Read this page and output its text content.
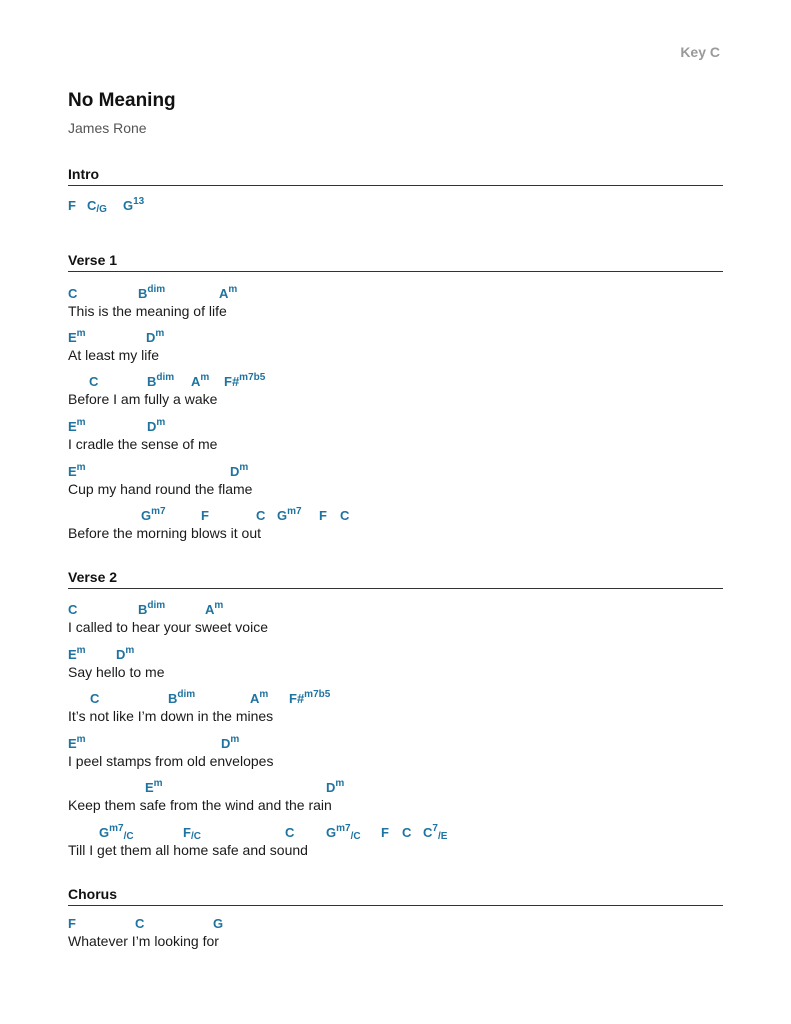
Key C
No Meaning
James Rone
Intro
F $C_{/G}$ $G^{13}$
Verse 1
C	$B^{dim}$	$A^m$
This is the meaning of life
$E^m$	$D^m$
At least my life
C	$B^{dim}$ $A^m$ F#$^{m7b5}$
Before I am fully a wake
$E^m$	$D^m$
I cradle the sense of me
$E^m$	$D^m$
Cup my hand round the flame
$G^{m7}$	F	C $G^{m7}$ F C
Before the morning blows it out
Verse 2
C	$B^{dim}$	$A^m$
I called to hear your sweet voice
$E^m$ $D^m$
Say hello to me
C	$B^{dim}$	$A^m$ F#$^{m7b5}$
It’s not like I’m down in the mines
$E^m$	$D^m$
I peel stamps from old envelopes
$E^m$	$D^m$
Keep them safe from the wind and the rain
$G^{m7}_{/C}$	$F_{/C}$	C $G^{m7}_{/C}$ F C $C^7_{/E}$
Till I get them all home safe and sound
Chorus
F	C	G
Whatever I’m looking for
